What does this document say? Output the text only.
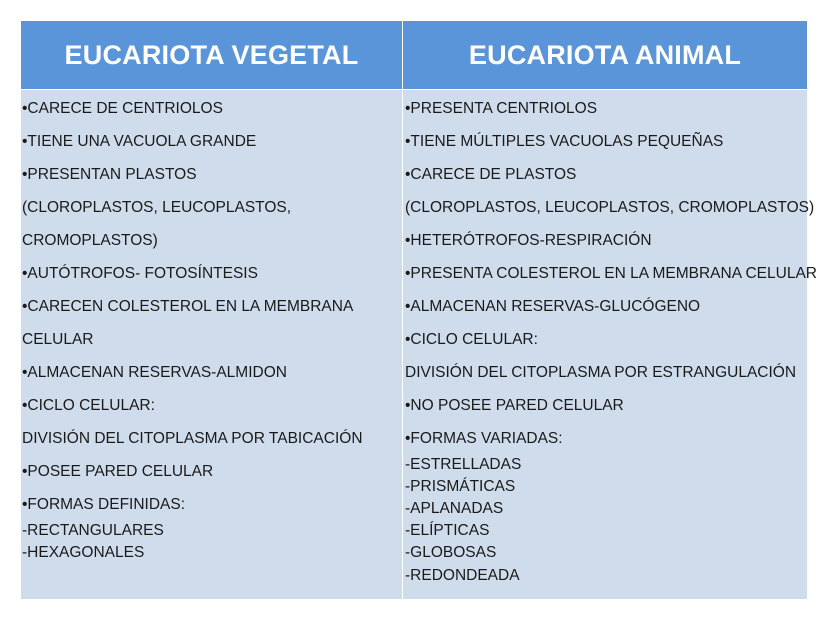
EUCARIOTA VEGETAL	EUCARIOTA ANIMAL
•CARECE DE CENTRIOLOS
•TIENE UNA VACUOLA GRANDE
•PRESENTAN PLASTOS
(CLOROPLASTOS, LEUCOPLASTOS,
CROMOPLASTOS)
•AUTÓTROFOS- FOTOSÍNTESIS
•CARECEN COLESTEROL EN LA MEMBRANA
CELULAR
•ALMACENAN RESERVAS-ALMIDON
•CICLO CELULAR:
DIVISIÓN DEL CITOPLASMA POR TABICACIÓN
•POSEE PARED CELULAR
•FORMAS DEFINIDAS:
-RECTANGULARES
-HEXAGONALES
•PRESENTA CENTRIOLOS
•TIENE MÚLTIPLES VACUOLAS PEQUEÑAS
•CARECE DE PLASTOS
(CLOROPLASTOS, LEUCOPLASTOS, CROMOPLASTOS)
•HETERÓTROFOS-RESPIRACIÓN
•PRESENTA COLESTEROL EN LA MEMBRANA CELULAR
•ALMACENAN RESERVAS-GLUCÓGENO
•CICLO CELULAR:
DIVISIÓN DEL CITOPLASMA POR ESTRANGULACIÓN
•NO POSEE PARED CELULAR
•FORMAS VARIADAS:
-ESTRELLADAS
-PRISMÁTICAS
-APLANADAS
-ELÍPTICAS
-GLOBOSAS
-REDONDEADA
